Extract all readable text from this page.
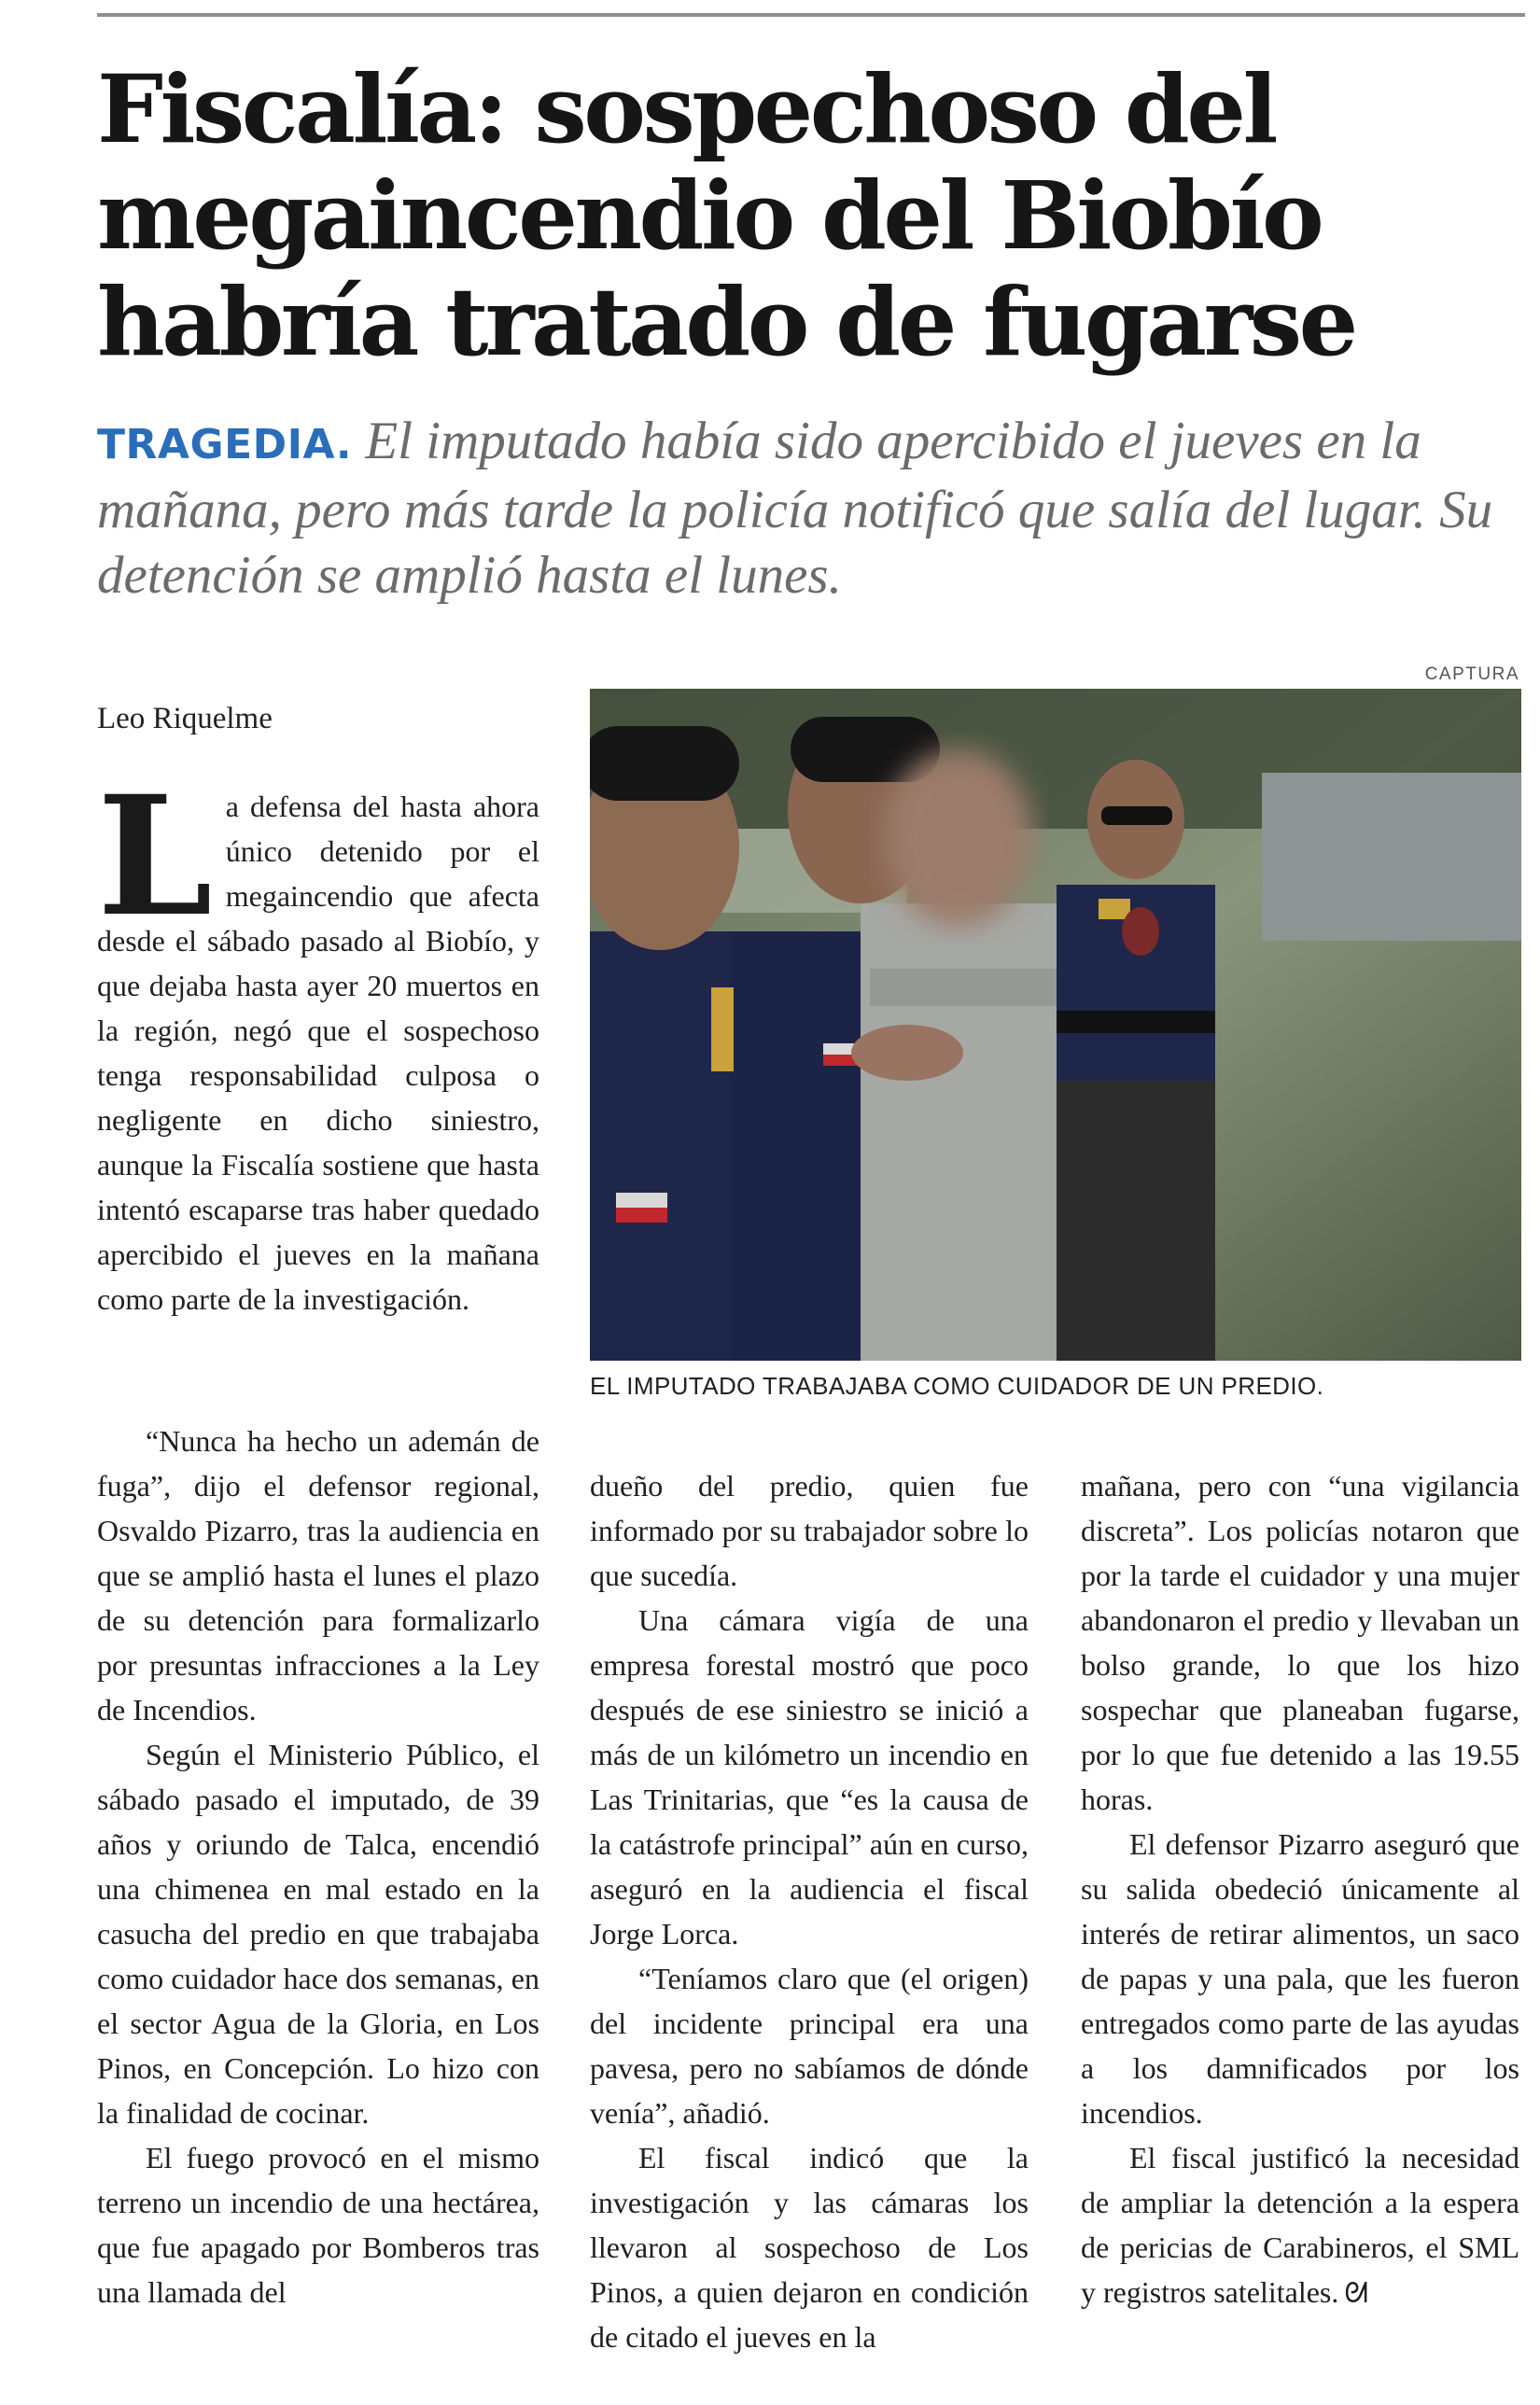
Fiscalía: sospechoso del
megaincendio del Biobío
habría tratado de fugarse

TRAGEDIA. El imputado había sido apercibido el jueves en la mañana, pero más tarde la policía notificó que salía del lugar. Su detención se amplió hasta el lunes.

CAPTURA
Leo Riquelme
EL IMPUTADO TRABAJABA COMO CUIDADOR DE UN PREDIO.

La defensa del hasta ahora único detenido por el megaincendio que afecta desde el sábado pasado al Biobío, y que dejaba hasta ayer 20 muertos en la región, negó que el sospechoso tenga responsabilidad culposa o negligente en dicho siniestro, aunque la Fiscalía sostiene que hasta intentó escaparse tras haber quedado apercibido el jueves en la mañana como parte de la investigación.

“Nunca ha hecho un ademán de fuga”, dijo el defensor regional, Osvaldo Pizarro, tras la audiencia en que se amplió hasta el lunes el plazo de su detención para formalizarlo por presuntas infracciones a la Ley de Incendios.

Según el Ministerio Público, el sábado pasado el imputado, de 39 años y oriundo de Talca, encendió una chimenea en mal estado en la casucha del predio en que trabajaba como cuidador hace dos semanas, en el sector Agua de la Gloria, en Los Pinos, en Concepción. Lo hizo con la finalidad de cocinar.

El fuego provocó en el mismo terreno un incendio de una hectárea, que fue apagado por Bomberos tras una llamada del

dueño del predio, quien fue informado por su trabajador sobre lo que sucedía.

Una cámara vigía de una empresa forestal mostró que poco después de ese siniestro se inició a más de un kilómetro un incendio en Las Trinitarias, que “es la causa de la catástrofe principal” aún en curso, aseguró en la audiencia el fiscal Jorge Lorca.

“Teníamos claro que (el origen) del incidente principal era una pavesa, pero no sabíamos de dónde venía”, añadió.

El fiscal indicó que la investigación y las cámaras los llevaron al sospechoso de Los Pinos, a quien dejaron en condición de citado el jueves en la

mañana, pero con “una vigilancia discreta”. Los policías notaron que por la tarde el cuidador y una mujer abandonaron el predio y llevaban un bolso grande, lo que los hizo sospechar que planeaban fugarse, por lo que fue detenido a las 19.55 horas.

El defensor Pizarro aseguró que su salida obedeció únicamente al interés de retirar alimentos, un saco de papas y una pala, que les fueron entregados como parte de las ayudas a los damnificados por los incendios.

El fiscal justificó la necesidad de ampliar la detención a la espera de pericias de Carabineros, el SML y registros satelitales. ᘛ
